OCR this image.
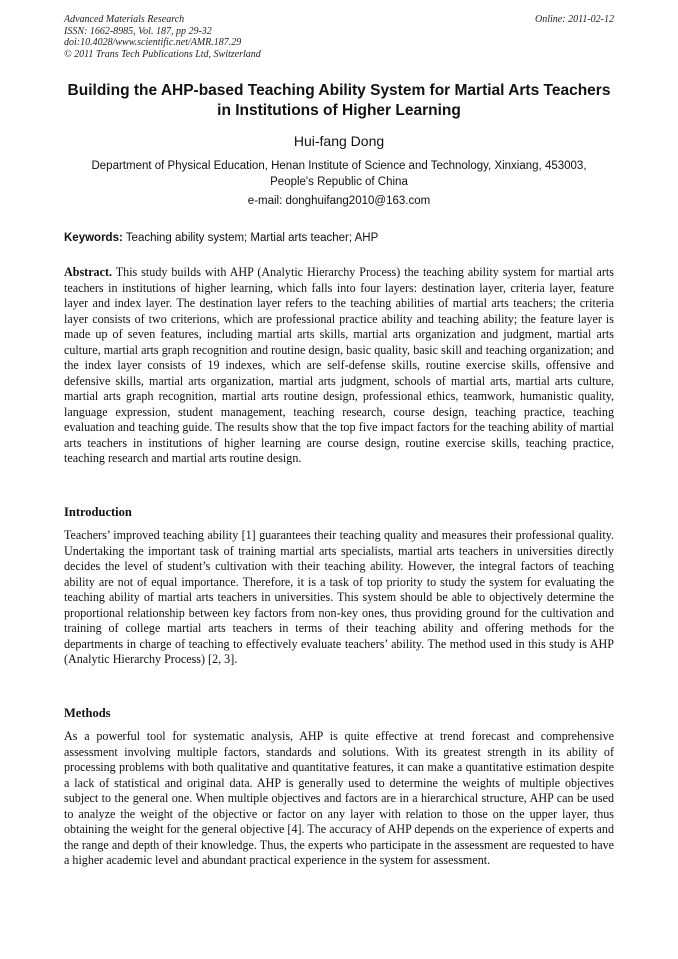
Advanced Materials Research
ISSN: 1662-8985, Vol. 187, pp 29-32
doi:10.4028/www.scientific.net/AMR.187.29
© 2011 Trans Tech Publications Ltd, Switzerland
Online: 2011-02-12
Building the AHP-based Teaching Ability System for Martial Arts Teachers in Institutions of Higher Learning
Hui-fang Dong
Department of Physical Education, Henan Institute of Science and Technology, Xinxiang, 453003,
People's Republic of China
e-mail: donghuifang2010@163.com
Keywords: Teaching ability system; Martial arts teacher; AHP

Abstract. This study builds with AHP (Analytic Hierarchy Process) the teaching ability system for martial arts teachers in institutions of higher learning, which falls into four layers: destination layer, criteria layer, feature layer and index layer. The destination layer refers to the teaching abilities of martial arts teachers; the criteria layer consists of two criterions, which are professional practice ability and teaching ability; the feature layer is made up of seven features, including martial arts skills, martial arts organization and judgment, martial arts culture, martial arts graph recognition and routine design, basic quality, basic skill and teaching organization; and the index layer consists of 19 indexes, which are self-defense skills, routine exercise skills, offensive and defensive skills, martial arts organization, martial arts judgment, schools of martial arts, martial arts culture, martial arts graph recognition, martial arts routine design, professional ethics, teamwork, humanistic quality, language expression, student management, teaching research, course design, teaching practice, teaching evaluation and teaching guide. The results show that the top five impact factors for the teaching ability of martial arts teachers in institutions of higher learning are course design, routine exercise skills, teaching practice, teaching research and martial arts routine design.

Introduction

Teachers’ improved teaching ability [1] guarantees their teaching quality and measures their professional quality. Undertaking the important task of training martial arts specialists, martial arts teachers in universities directly decides the level of student’s cultivation with their teaching ability. However, the integral factors of teaching ability are not of equal importance. Therefore, it is a task of top priority to study the system for evaluating the teaching ability of martial arts teachers in universities. This system should be able to objectively determine the proportional relationship between key factors from non-key ones, thus providing ground for the cultivation and training of college martial arts teachers in terms of their teaching ability and offering methods for the departments in charge of teaching to effectively evaluate teachers’ ability. The method used in this study is AHP (Analytic Hierarchy Process) [2, 3].

Methods

As a powerful tool for systematic analysis, AHP is quite effective at trend forecast and comprehensive assessment involving multiple factors, standards and solutions. With its greatest strength in its ability of processing problems with both qualitative and quantitative features, it can make a quantitative estimation despite a lack of statistical and original data. AHP is generally used to determine the weights of multiple objectives subject to the general one. When multiple objectives and factors are in a hierarchical structure, AHP can be used to analyze the weight of the objective or factor on any layer with relation to those on the upper layer, thus obtaining the weight for the general objective [4]. The accuracy of AHP depends on the experience of experts and the range and depth of their knowledge. Thus, the experts who participate in the assessment are requested to have a higher academic level and abundant practical experience in the system for assessment.
